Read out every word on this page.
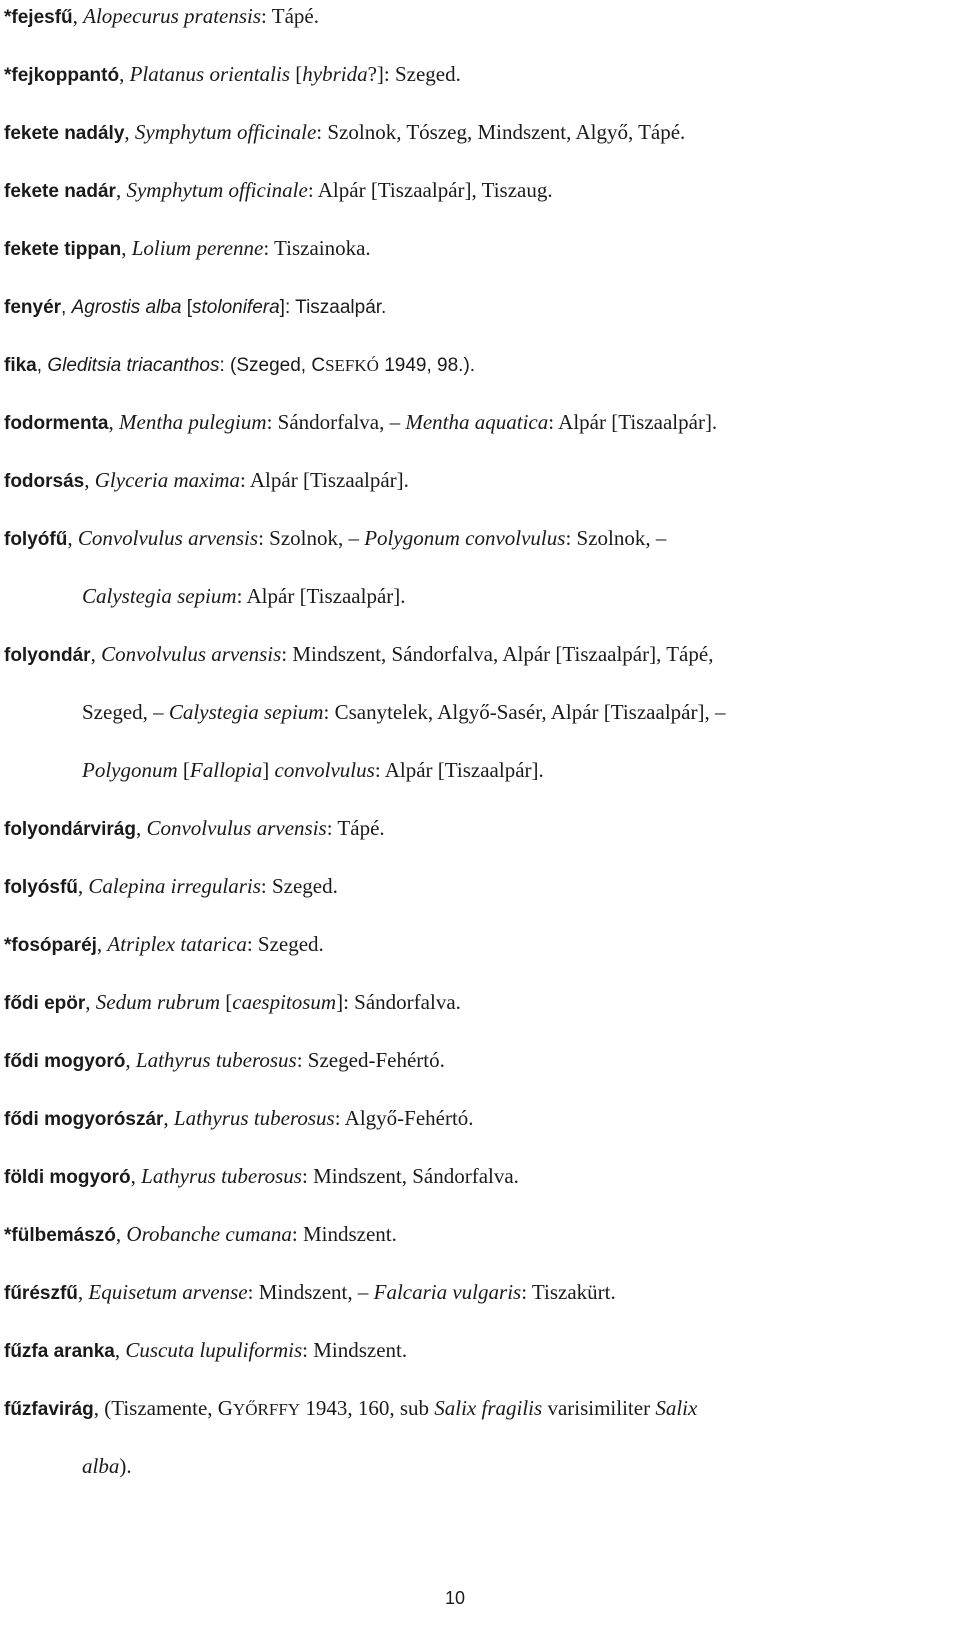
*fejesfű, Alopecurus pratensis: Tápé.
*fejkoppantó, Platanus orientalis [hybrida?]: Szeged.
fekete nadály, Symphytum officinale: Szolnok, Tószeg, Mindszent, Algyő, Tápé.
fekete nadár, Symphytum officinale: Alpár [Tiszaalpár], Tiszaug.
fekete tippan, Lolium perenne: Tiszainoka.
fenyér, Agrostis alba [stolonifera]: Tiszaalpár.
fika, Gleditsia triacanthos: (Szeged, CSEFKÓ 1949, 98.).
fodormenta, Mentha pulegium: Sándorfalva, – Mentha aquatica: Alpár [Tiszaalpár].
fodorsás, Glyceria maxima: Alpár [Tiszaalpár].
folyófű, Convolvulus arvensis: Szolnok, – Polygonum convolvulus: Szolnok, –
Calystegia sepium: Alpár [Tiszaalpár].
folyondár, Convolvulus arvensis: Mindszent, Sándorfalva, Alpár [Tiszaalpár], Tápé,
Szeged, – Calystegia sepium: Csanytelek, Algyő-Sasér, Alpár [Tiszaalpár], –
Polygonum [Fallopia] convolvulus: Alpár [Tiszaalpár].
folyondárvirág, Convolvulus arvensis: Tápé.
folyósfű, Calepina irregularis: Szeged.
*fosóparéj, Atriplex tatarica: Szeged.
fődi epör, Sedum rubrum [caespitosum]: Sándorfalva.
fődi mogyoró, Lathyrus tuberosus: Szeged-Fehértó.
fődi mogyorószár, Lathyrus tuberosus: Algyő-Fehértó.
földi mogyoró, Lathyrus tuberosus: Mindszent, Sándorfalva.
*fülbemászó, Orobanche cumana: Mindszent.
fűrészfű, Equisetum arvense: Mindszent, – Falcaria vulgaris: Tiszakürt.
fűzfa aranka, Cuscuta lupuliformis: Mindszent.
fűzfavirág, (Tiszamente, GYŐRFFY 1943, 160, sub Salix fragilis varisimiliter Salix
alba).
10
